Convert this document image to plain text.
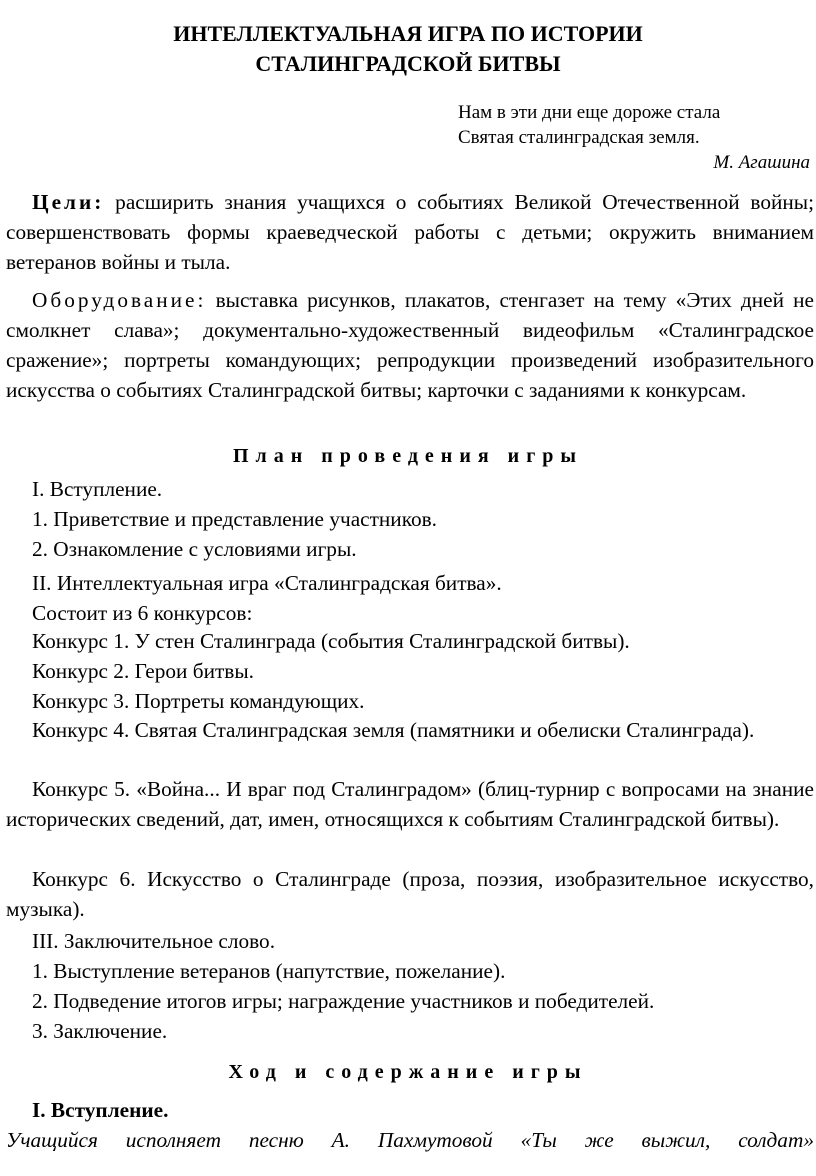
ИНТЕЛЛЕКТУАЛЬНАЯ ИГРА ПО ИСТОРИИ

СТАЛИНГРАДСКОЙ БИТВЫ

Нам в эти дни еще дороже стала

Святая сталинградская земля.

М. Агашина

Цели: расширить знания учащихся о событиях Великой Отечественной войны; совершенствовать формы краеведческой работы с детьми; окружить вниманием ветеранов войны и тыла.

Оборудование: выставка рисунков, плакатов, стенгазет на тему «Этих дней не смолкнет слава»; документально-художественный видеофильм «Сталинградское сражение»; портреты командующих; репродукции произведений изобразительного искусства о событиях Сталинградской битвы; карточки с заданиями к конкурсам.

План проведения игры

I. Вступление.

1. Приветствие и представление участников.

2. Ознакомление с условиями игры.

II. Интеллектуальная игра «Сталинградская битва».

Состоит из 6 конкурсов:

Конкурс 1. У стен Сталинграда (события Сталинградской битвы).

Конкурс 2. Герои битвы.

Конкурс 3. Портреты командующих.

Конкурс 4. Святая Сталинградская земля (памятники и обелиски Сталинграда).

Конкурс 5. «Война... И враг под Сталинградом» (блиц-турнир с вопросами на знание исторических сведений, дат, имен, относящихся к событиям Сталинградской битвы).

Конкурс 6. Искусство о Сталинграде (проза, поэзия, изобразительное искусство, музыка).

III. Заключительное слово.

1. Выступление ветеранов (напутствие, пожелание).

2. Подведение итогов игры; награждение участников и победителей.

3. Заключение.

Ход и содержание игры

I. Вступление.

Учащийся исполняет песню А. Пахмутовой «Ты же выжил, солдат»
